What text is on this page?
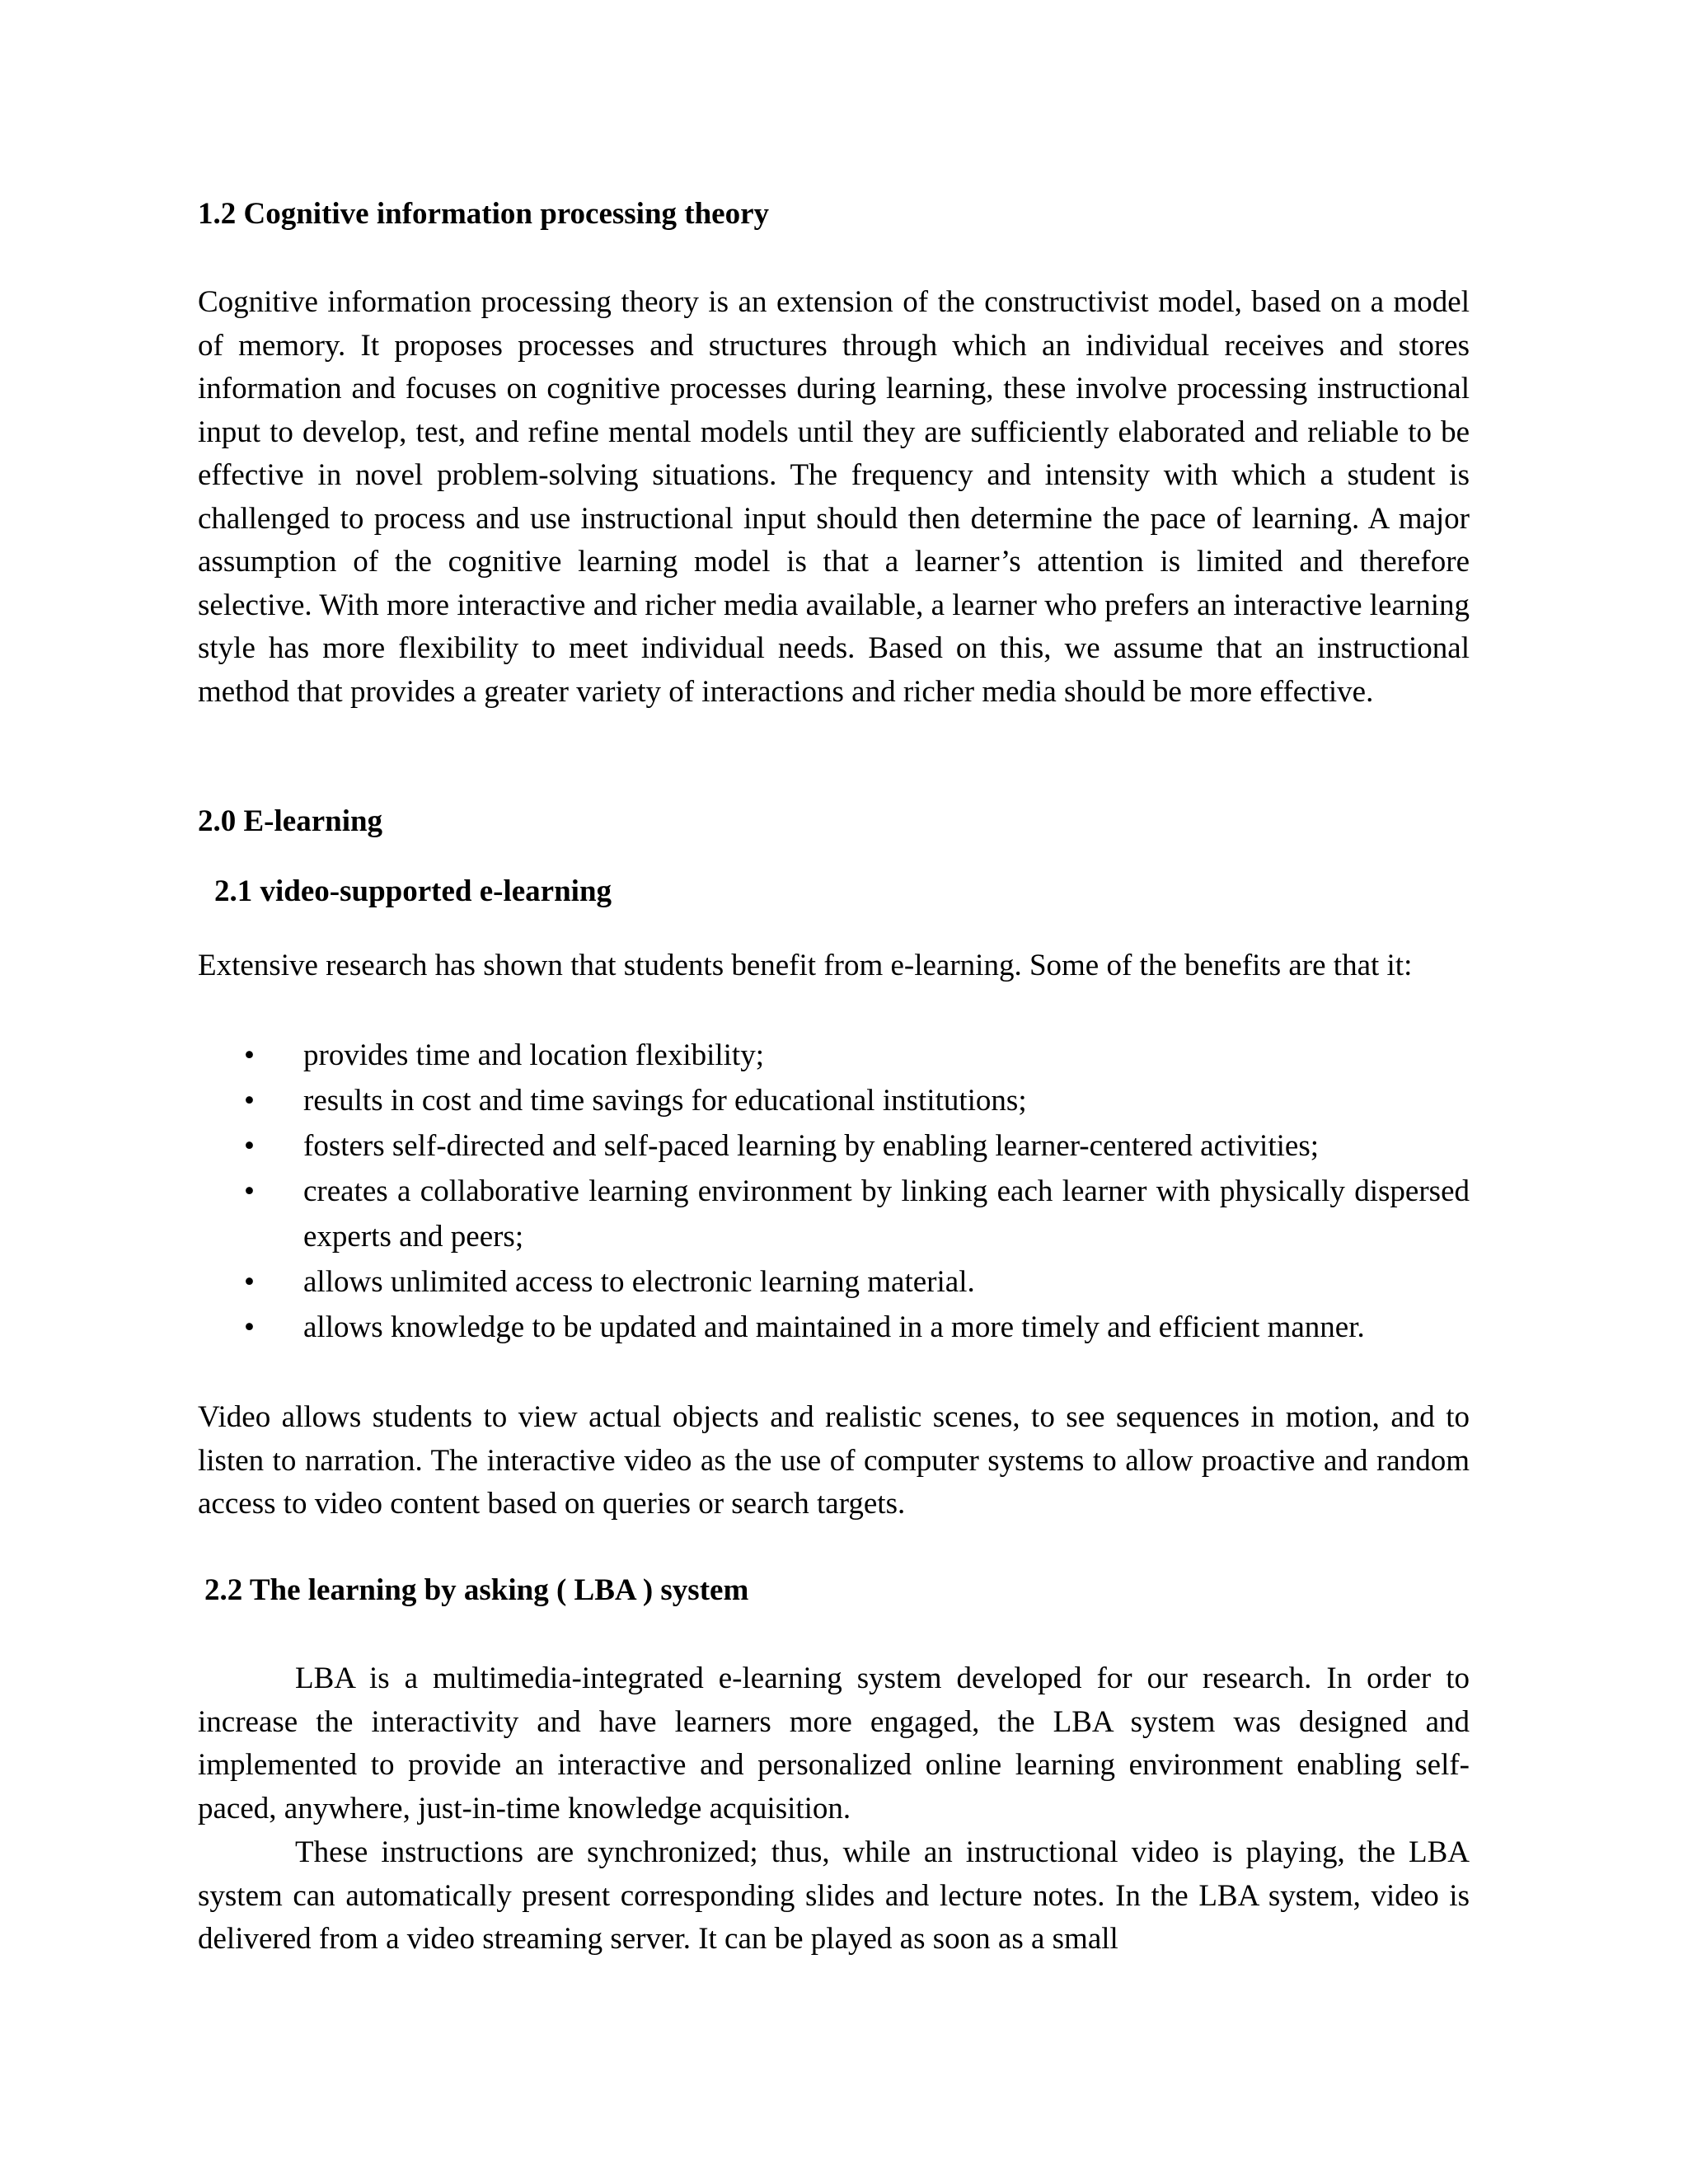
1.2 Cognitive information processing theory

Cognitive information processing theory is an extension of the constructivist model, based on a model of memory. It proposes processes and structures through which an individual receives and stores information and focuses on cognitive processes during learning, these involve processing instructional input to develop, test, and refine mental models until they are sufficiently elaborated and reliable to be effective in novel problem-solving situations. The frequency and intensity with which a student is challenged to process and use instructional input should then determine the pace of learning. A major assumption of the cognitive learning model is that a learner’s attention is limited and therefore selective. With more interactive and richer media available, a learner who prefers an interactive learning style has more flexibility to meet individual needs. Based on this, we assume that an instructional method that provides a greater variety of interactions and richer media should be more effective.

2.0 E-learning
2.1 video-supported e-learning

Extensive research has shown that students benefit from e-learning. Some of the benefits are that it:

• provides time and location flexibility;
• results in cost and time savings for educational institutions;
• fosters self-directed and self-paced learning by enabling learner-centered activities;
• creates a collaborative learning environment by linking each learner with physically dispersed experts and peers;
• allows unlimited access to electronic learning material.
• allows knowledge to be updated and maintained in a more timely and efficient manner.

Video allows students to view actual objects and realistic scenes, to see sequences in motion, and to listen to narration. The interactive video as the use of computer systems to allow proactive and random access to video content based on queries or search targets.

2.2 The learning by asking ( LBA ) system

LBA is a multimedia-integrated e-learning system developed for our research. In order to increase the interactivity and have learners more engaged, the LBA system was designed and implemented to provide an interactive and personalized online learning environment enabling self-paced, anywhere, just-in-time knowledge acquisition.

These instructions are synchronized; thus, while an instructional video is playing, the LBA system can automatically present corresponding slides and lecture notes. In the LBA system, video is delivered from a video streaming server. It can be played as soon as a small
